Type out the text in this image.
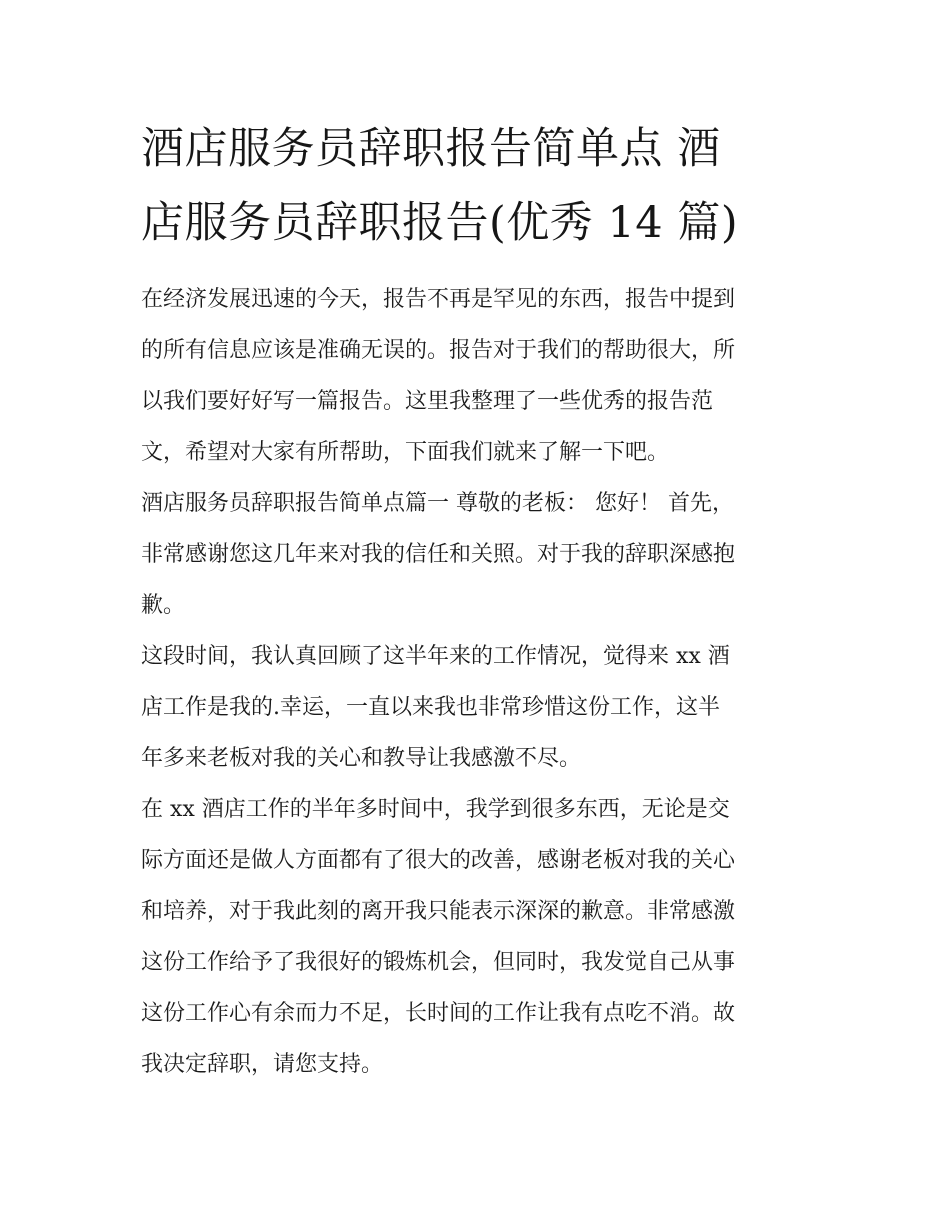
酒店服务员辞职报告简单点 酒
店服务员辞职报告(优秀 14 篇)

在经济发展迅速的今天，报告不再是罕见的东西，报告中提到
的所有信息应该是准确无误的。报告对于我们的帮助很大，所
以我们要好好写一篇报告。这里我整理了一些优秀的报告范
文，希望对大家有所帮助，下面我们就来了解一下吧。

酒店服务员辞职报告简单点篇一 尊敬的老板： 您好！ 首先，
非常感谢您这几年来对我的信任和关照。对于我的辞职深感抱
歉。

这段时间，我认真回顾了这半年来的工作情况，觉得来 xx 酒
店工作是我的.幸运，一直以来我也非常珍惜这份工作，这半
年多来老板对我的关心和教导让我感激不尽。

在 xx 酒店工作的半年多时间中，我学到很多东西，无论是交
际方面还是做人方面都有了很大的改善，感谢老板对我的关心
和培养，对于我此刻的离开我只能表示深深的歉意。非常感激
这份工作给予了我很好的锻炼机会，但同时，我发觉自己从事
这份工作心有余而力不足，长时间的工作让我有点吃不消。故
我决定辞职，请您支持。
